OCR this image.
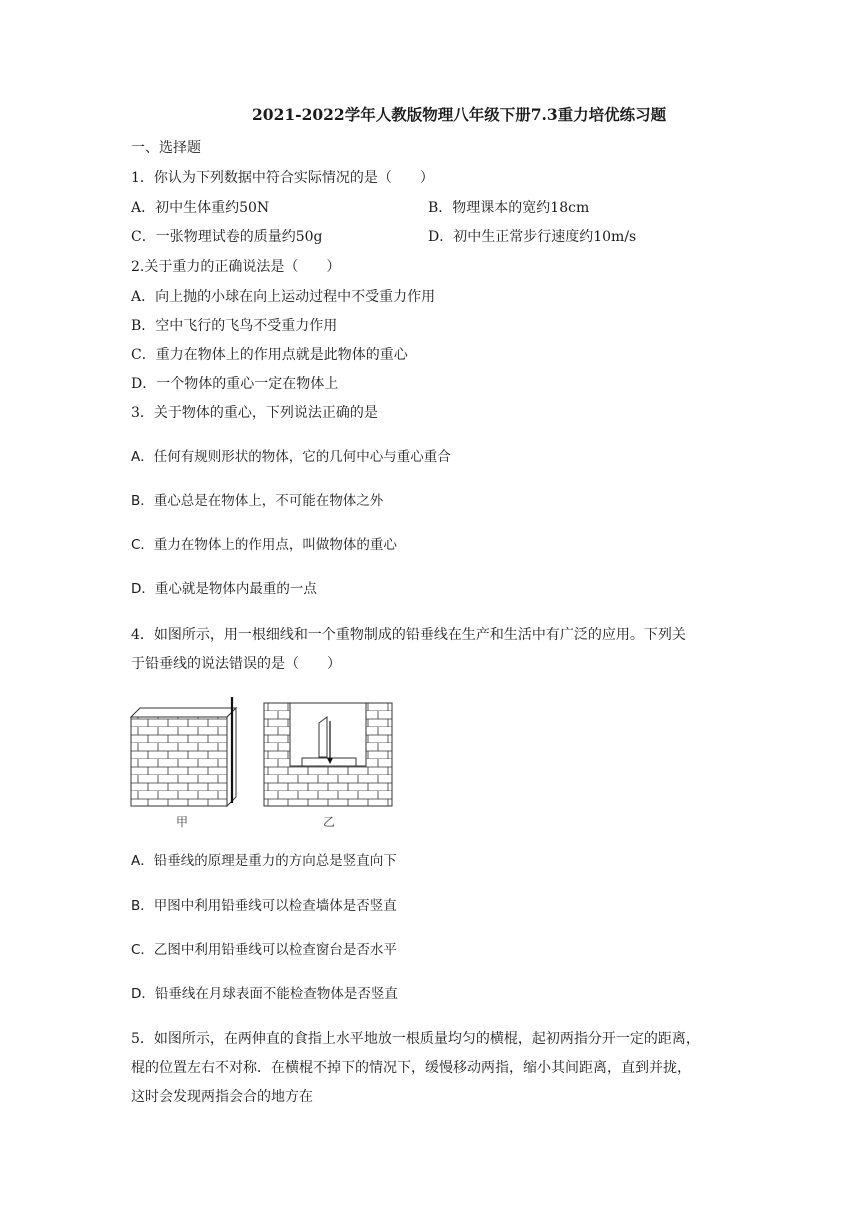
2021-2022学年人教版物理八年级下册7.3重力培优练习题
一、选择题
1．你认为下列数据中符合实际情况的是（　　）
A．初中生体重约50N	B．物理课本的宽约18cm
C．一张物理试卷的质量约50g	D．初中生正常步行速度约10m/s
2.关于重力的正确说法是（　　）
A．向上抛的小球在向上运动过程中不受重力作用
B．空中飞行的飞鸟不受重力作用
C．重力在物体上的作用点就是此物体的重心
D．一个物体的重心一定在物体上
3．关于物体的重心，下列说法正确的是
A．任何有规则形状的物体，它的几何中心与重心重合
B．重心总是在物体上，不可能在物体之外
C．重力在物体上的作用点，叫做物体的重心
D．重心就是物体内最重的一点
4．如图所示，用一根细线和一个重物制成的铅垂线在生产和生活中有广泛的应用。下列关
于铅垂线的说法错误的是（　　）
甲	乙
A．铅垂线的原理是重力的方向总是竖直向下
B．甲图中利用铅垂线可以检查墙体是否竖直
C．乙图中利用铅垂线可以检查窗台是否水平
D．铅垂线在月球表面不能检查物体是否竖直
5．如图所示，在两伸直的食指上水平地放一根质量均匀的横棍，起初两指分开一定的距离，
棍的位置左右不对称．在横棍不掉下的情况下，缓慢移动两指，缩小其间距离，直到并拢，
这时会发现两指会合的地方在
